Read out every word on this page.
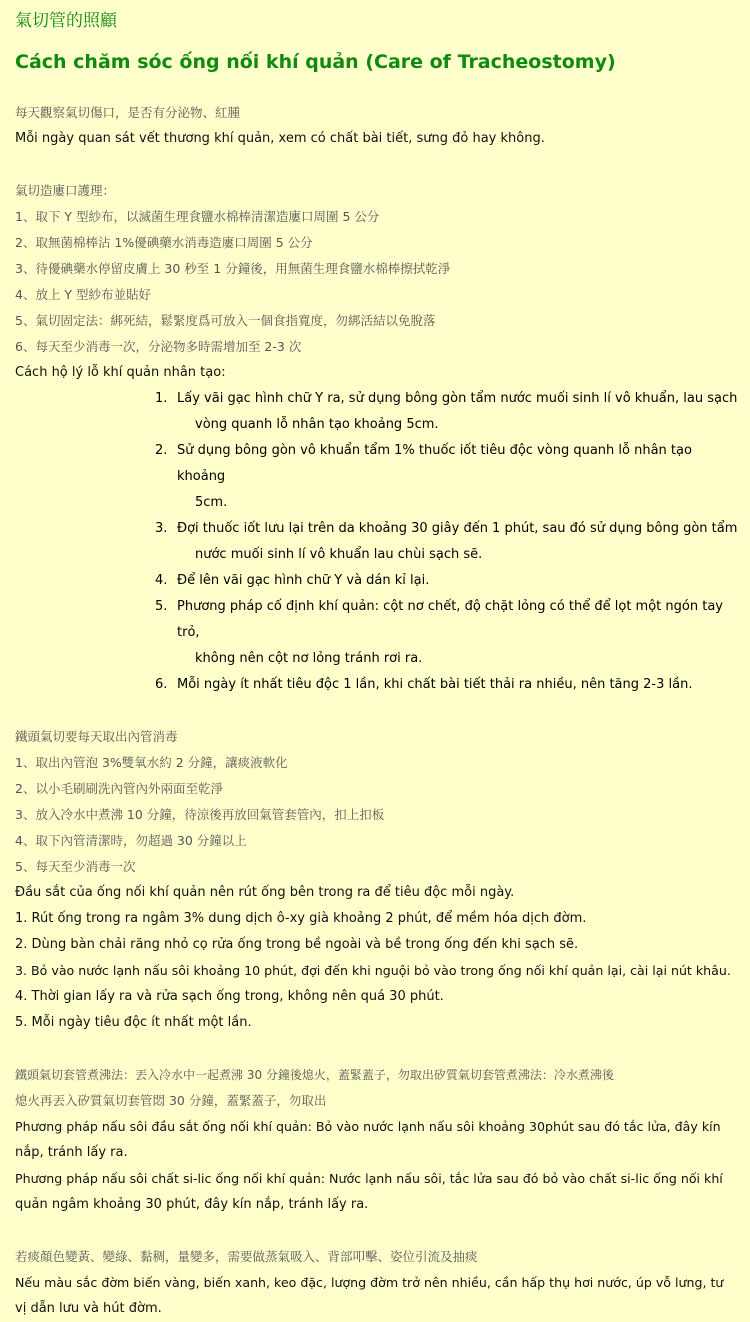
氣切管的照顧
Cách chăm sóc ống nối khí quản (Care of Tracheostomy)
每天觀察氣切傷口，是否有分泌物、紅腫
Mỗi ngày quan sát vết thương khí quản, xem có chất bài tiết, sưng đỏ hay không.
氣切造廔口護理：
1、取下 Y 型紗布，以滅菌生理食鹽水棉棒清潔造廔口周圍 5 公分
2、取無菌棉棒沾 1%優碘藥水消毒造廔口周圍 5 公分
3、待優碘藥水停留皮膚上 30 秒至 1 分鐘後，用無菌生理食鹽水棉棒擦拭乾淨
4、放上 Y 型紗布並貼好
5、氣切固定法：綁死結，鬆緊度爲可放入一個食指寬度，勿綁活結以免脫落
6、每天至少消毒一次，分泌物多時需增加至 2-3 次
Cách hộ lý lỗ khí quản nhân tạo:
1. Lấy vãi gạc hình chữ Y ra, sử dụng bông gòn tẩm nước muối sinh lí vô khuẩn, lau sạch
vòng quanh lỗ nhân tạo khoảng 5cm.
2. Sử dụng bông gòn vô khuẩn tẩm 1% thuốc iốt tiêu độc vòng quanh lỗ nhân tạo khoảng
5cm.
3. Đợi thuốc iốt lưu lại trên da khoảng 30 giây đến 1 phút, sau đó sử dụng bông gòn tẩm
nước muối sinh lí vô khuẩn lau chùi sạch sẽ.
4. Để lên vãi gạc hình chữ Y và dán kỉ lại.
5. Phương pháp cố định khí quản: cột nơ chết, độ chặt lỏng có thể để lọt một ngón tay trỏ,
không nên cột nơ lỏng tránh rơi ra.
6. Mỗi ngày ít nhất tiêu độc 1 lần, khi chất bài tiết thải ra nhiều, nên tăng 2-3 lần.
鐵頭氣切要每天取出內管消毒
1、取出內管泡 3%雙氧水約 2 分鐘，讓痰液軟化
2、以小毛刷刷洗內管內外兩面至乾淨
3、放入冷水中煮沸 10 分鐘，待涼後再放回氣管套管內，扣上扣板
4、取下內管清潔時，勿超過 30 分鐘以上
5、每天至少消毒一次
Đầu sắt của ống nối khí quản nên rút ống bên trong ra để tiêu độc mỗi ngày.
1. Rút ống trong ra ngâm 3% dung dịch ô-xy già khoảng 2 phút, để mềm hóa dịch đờm.
2. Dùng bàn chải răng nhỏ cọ rửa ống trong bề ngoài và bề trong ống đến khi sạch sẽ.
3. Bỏ vào nước lạnh nấu sôi khoảng 10 phút, đợi đến khi nguội bỏ vào trong ống nối khí quản lại, cài lại nút khâu.
4. Thời gian lấy ra và rửa sạch ống trong, không nên quá 30 phút.
5. Mỗi ngày tiêu độc ít nhất một lần.
鐵頭氣切套管煮沸法：丟入冷水中一起煮沸 30 分鐘後熄火，蓋緊蓋子，勿取出矽質氣切套管煮沸法：冷水煮沸後
熄火再丟入矽質氣切套管悶 30 分鐘，蓋緊蓋子，勿取出
Phương pháp nấu sôi đầu sắt ống nối khí quản: Bỏ vào nước lạnh nấu sôi khoảng 30phút sau đó tắc lửa, đây kín
nắp, tránh lấy ra.
Phương pháp nấu sôi chất si-lic ống nối khí quản: Nước lạnh nấu sôi, tắc lửa sau đó bỏ vào chất si-lic ống nối khí
quản ngâm khoảng 30 phút, đây kín nắp, tránh lấy ra.
若痰顏色變黃、變綠、黏稠，量變多，需要做蒸氣吸入、背部叩擊、姿位引流及抽痰
Nếu màu sắc đờm biến vàng, biến xanh, keo đặc, lượng đờm trở nên nhiều, cần hấp thụ hơi nước, úp vỗ lưng, tư
vị dẫn lưu và hút đờm.
